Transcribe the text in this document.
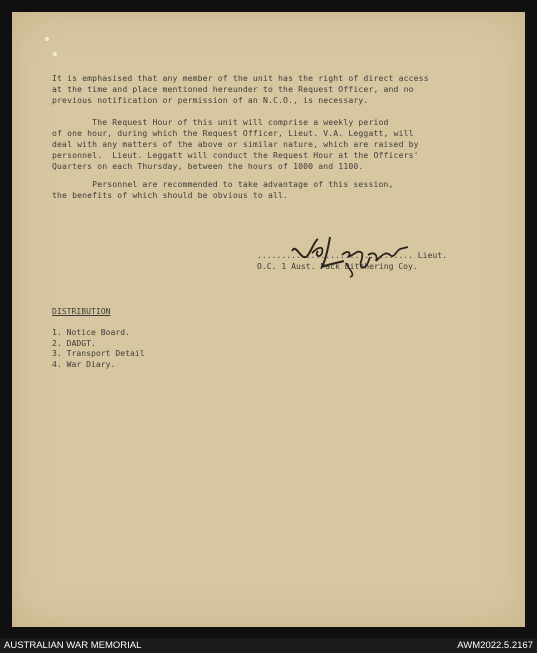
It is emphasised that any member of the unit has the right of direct access
at the time and place mentioned hereunder to the Request Officer, and no
previous notification or permission of an N.C.O., is necessary.

The Request Hour of this unit will comprise a weekly period
of one hour, during which the Request Officer, Lieut. V.A. Leggatt, will
deal with any matters of the above or similar nature, which are raised by
personnel.  Lieut. Leggatt will conduct the Request Hour at the Officers'
Quarters on each Thursday, between the hours of 1000 and 1100.

Personnel are recommended to take advantage of this session,
the benefits of which should be obvious to all.

................................ Lieut.

O.C. 1 Aust. Pack Ditchering Coy.

DISTRIBUTION

1. Notice Board.
2. DADGT.
3. Transport Detail
4. War Diary.
AUSTRALIAN WAR MEMORIAL	AWM2022.5.2167
